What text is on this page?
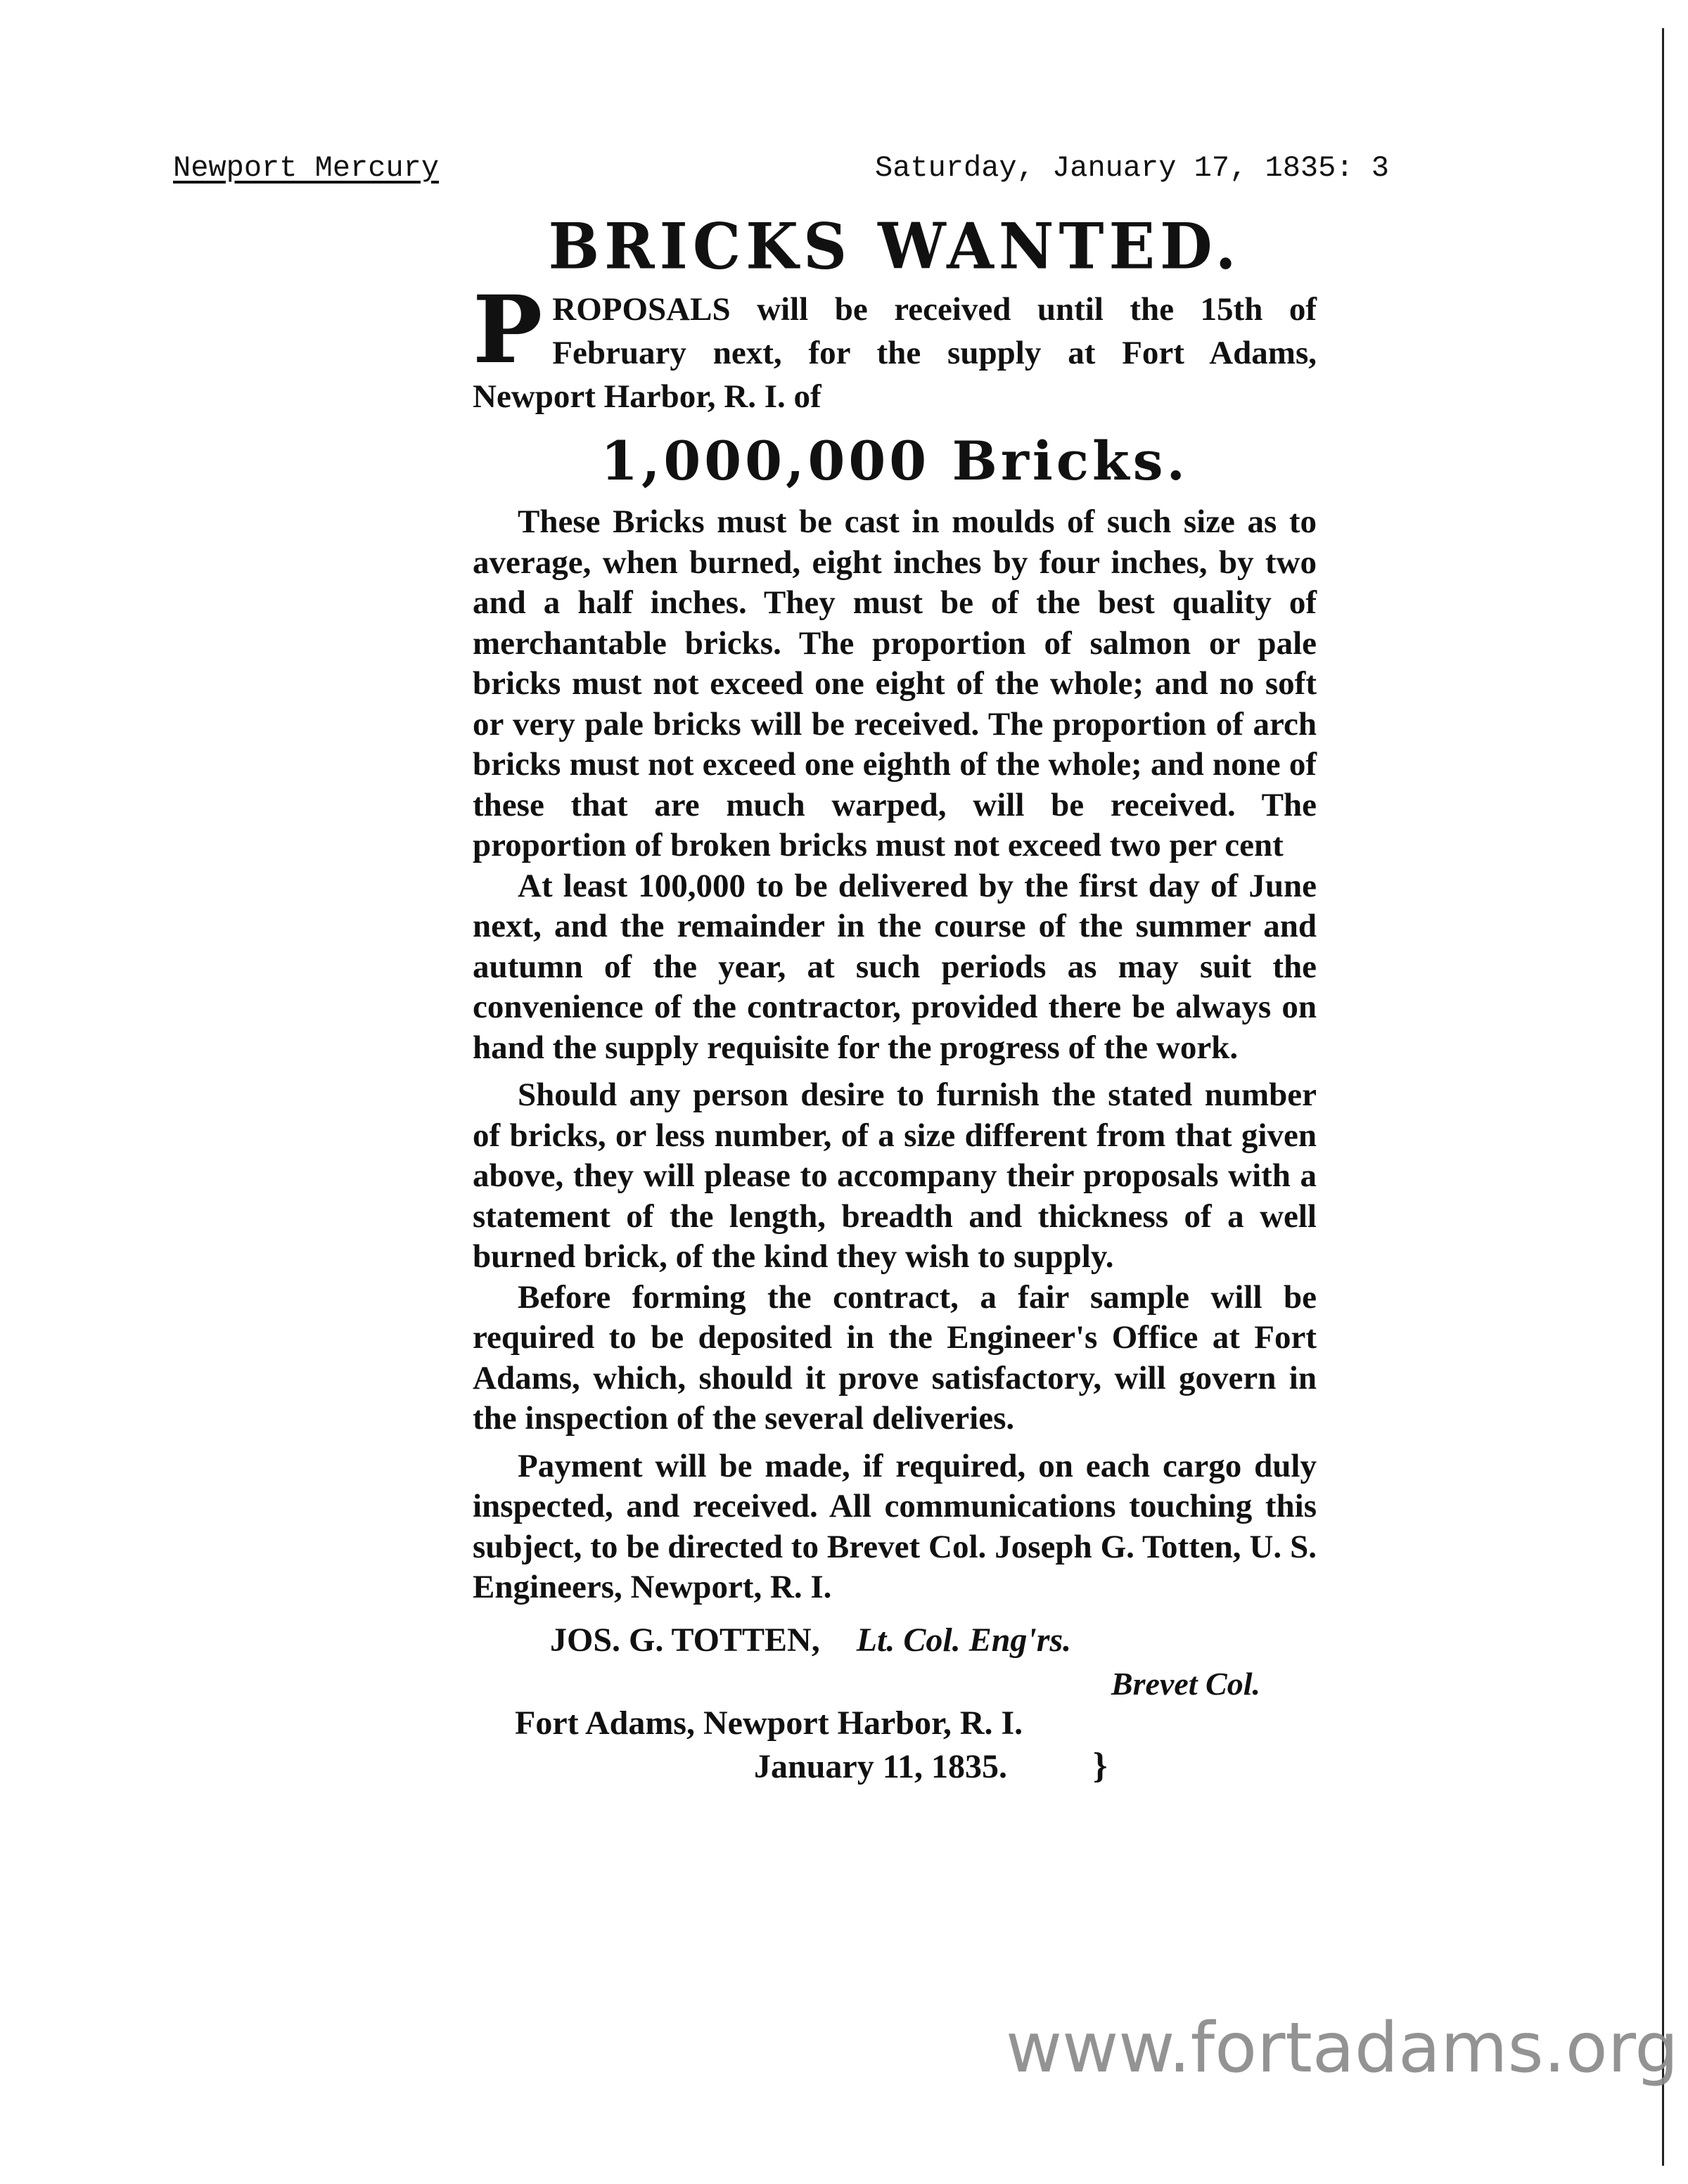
Newport Mercury	Saturday, January 17, 1835: 3
BRICKS WANTED.
P ROPOSALS will be received until the 15th of February next, for the supply at Fort Adams, Newport Harbor, R. I. of
1,000,000 Bricks.

These Bricks must be cast in moulds of such size as to average, when burned, eight inches by four inches, by two and a half inches. They must be of the best quality of merchantable bricks. The proportion of salmon or pale bricks must not exceed one eight of the whole; and no soft or very pale bricks will be received. The proportion of arch bricks must not exceed one eighth of the whole; and none of these that are much warped, will be received. The proportion of broken bricks must not exceed two per cent

At least 100,000 to be delivered by the first day of June next, and the remainder in the course of the summer and autumn of the year, at such periods as may suit the convenience of the contractor, provided there be always on hand the supply requisite for the progress of the work.

Should any person desire to furnish the stated number of bricks, or less number, of a size different from that given above, they will please to accompany their proposals with a statement of the length, breadth and thickness of a well burned brick, of the kind they wish to supply.

Before forming the contract, a fair sample will be required to be deposited in the Engineer's Office at Fort Adams, which, should it prove satisfactory, will govern in the inspection of the several deliveries.

Payment will be made, if required, on each cargo duly inspected, and received. All communications touching this subject, to be directed to Brevet Col. Joseph G. Totten, U. S. Engineers, Newport, R. I.

JOS. G. TOTTEN, Lt. Col. Eng'rs.
Brevet Col.
Fort Adams, Newport Harbor, R. I.
January 11, 1835. }
www.fortadams.org
